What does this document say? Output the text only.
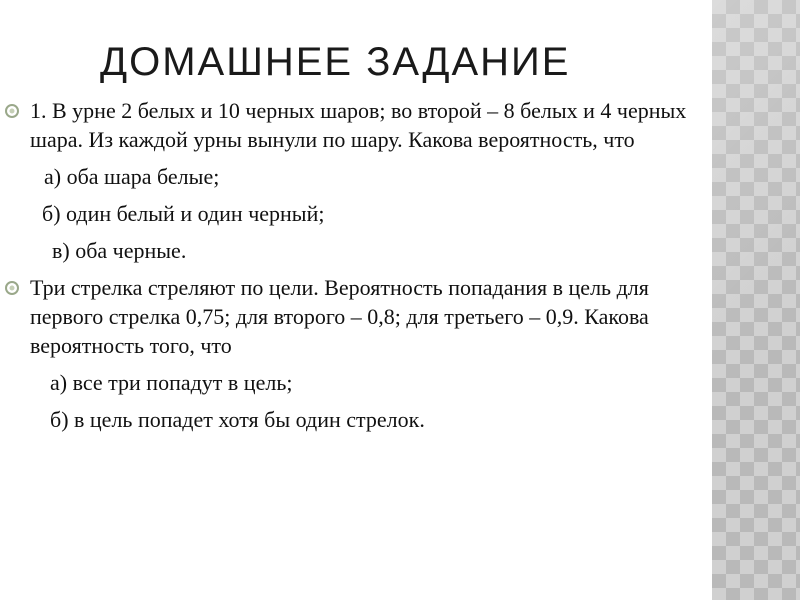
ДОМАШНЕЕ ЗАДАНИЕ

1. В урне 2 белых и 10 черных шаров; во второй – 8 белых и 4 черных шара. Из каждой урны вынули по шару. Какова вероятность, что

а) оба шара белые;

б) один белый и один черный;

в) оба черные.

Три стрелка стреляют по цели. Вероятность попадания в цель для первого стрелка 0,75; для второго – 0,8; для третьего – 0,9. Какова вероятность того, что

а) все три попадут в цель;

б) в цель попадет хотя бы один стрелок.
